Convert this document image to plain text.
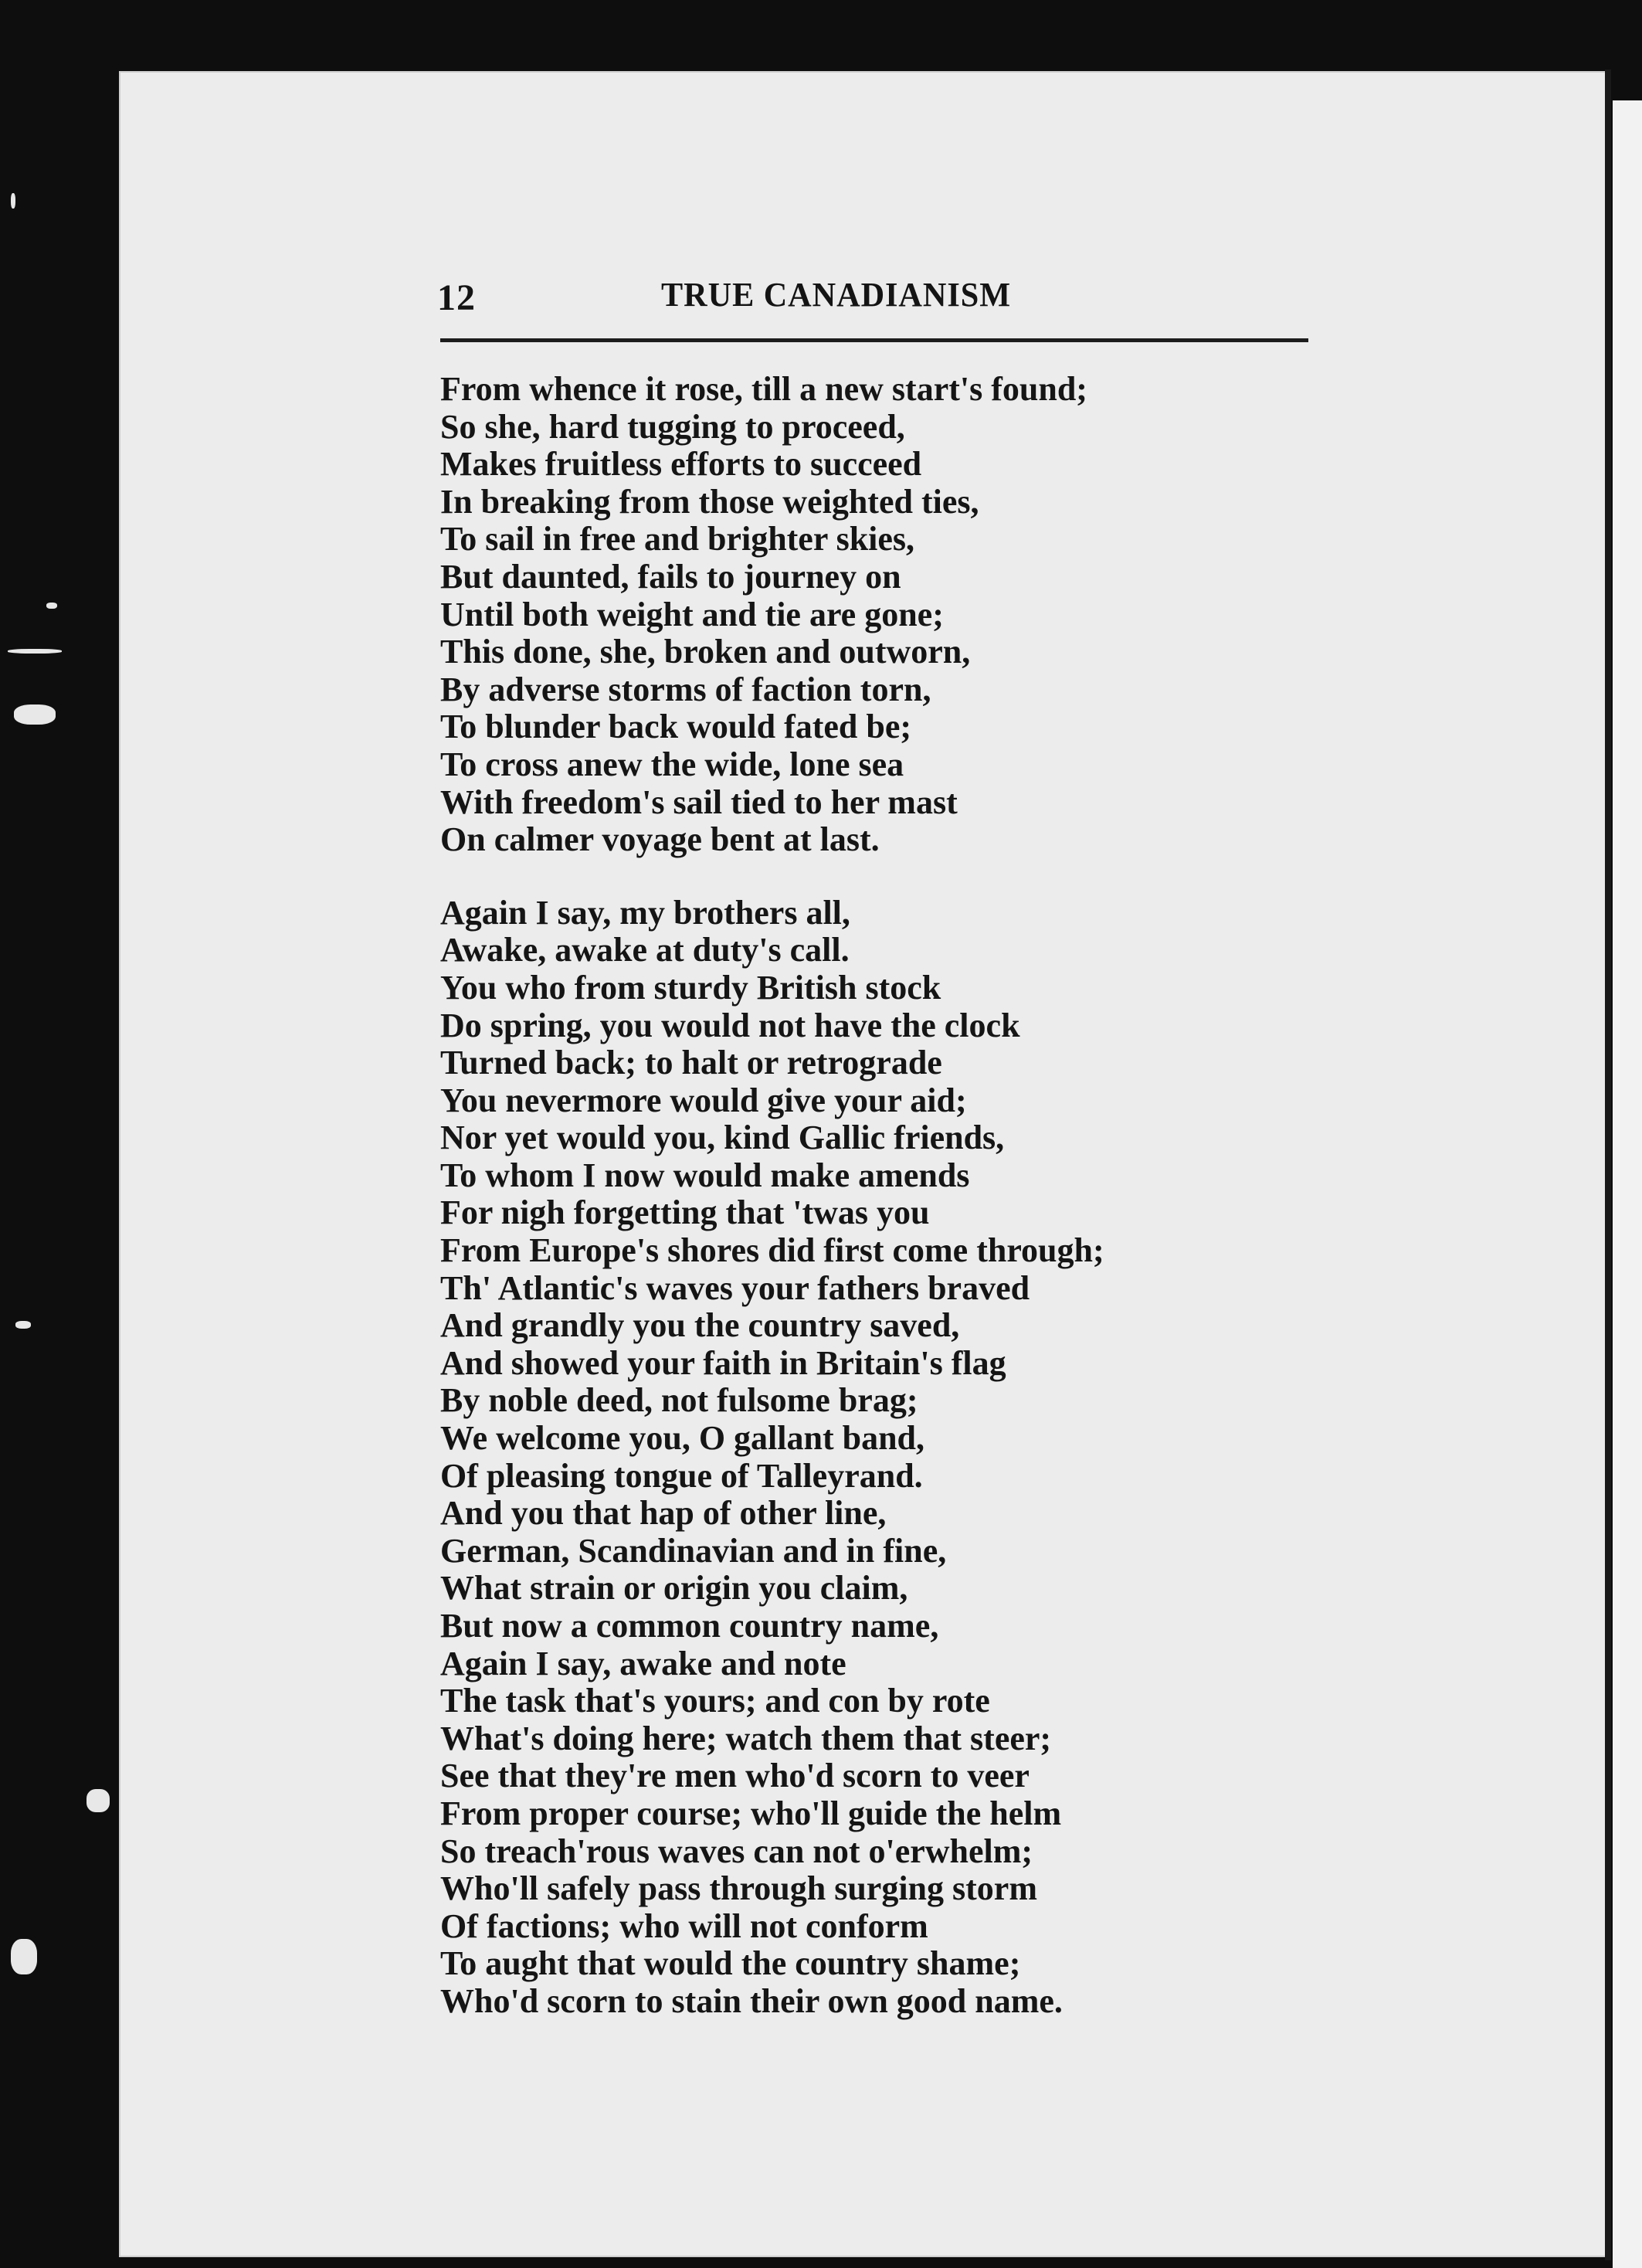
12	TRUE CANADIANISM
From whence it rose, till a new start's found;
So she, hard tugging to proceed,
Makes fruitless efforts to succeed
In breaking from those weighted ties,
To sail in free and brighter skies,
But daunted, fails to journey on
Until both weight and tie are gone;
This done, she, broken and outworn,
By adverse storms of faction torn,
To blunder back would fated be;
To cross anew the wide, lone sea
With freedom's sail tied to her mast
On calmer voyage bent at last.
Again I say, my brothers all,
Awake, awake at duty's call.
You who from sturdy British stock
Do spring, you would not have the clock
Turned back; to halt or retrograde
You nevermore would give your aid;
Nor yet would you, kind Gallic friends,
To whom I now would make amends
For nigh forgetting that 'twas you
From Europe's shores did first come through;
Th' Atlantic's waves your fathers braved
And grandly you the country saved,
And showed your faith in Britain's flag
By noble deed, not fulsome brag;
We welcome you, O gallant band,
Of pleasing tongue of Talleyrand.
And you that hap of other line,
German, Scandinavian and in fine,
What strain or origin you claim,
But now a common country name,
Again I say, awake and note
The task that's yours; and con by rote
What's doing here; watch them that steer;
See that they're men who'd scorn to veer
From proper course; who'll guide the helm
So treach'rous waves can not o'erwhelm;
Who'll safely pass through surging storm
Of factions; who will not conform
To aught that would the country shame;
Who'd scorn to stain their own good name.
